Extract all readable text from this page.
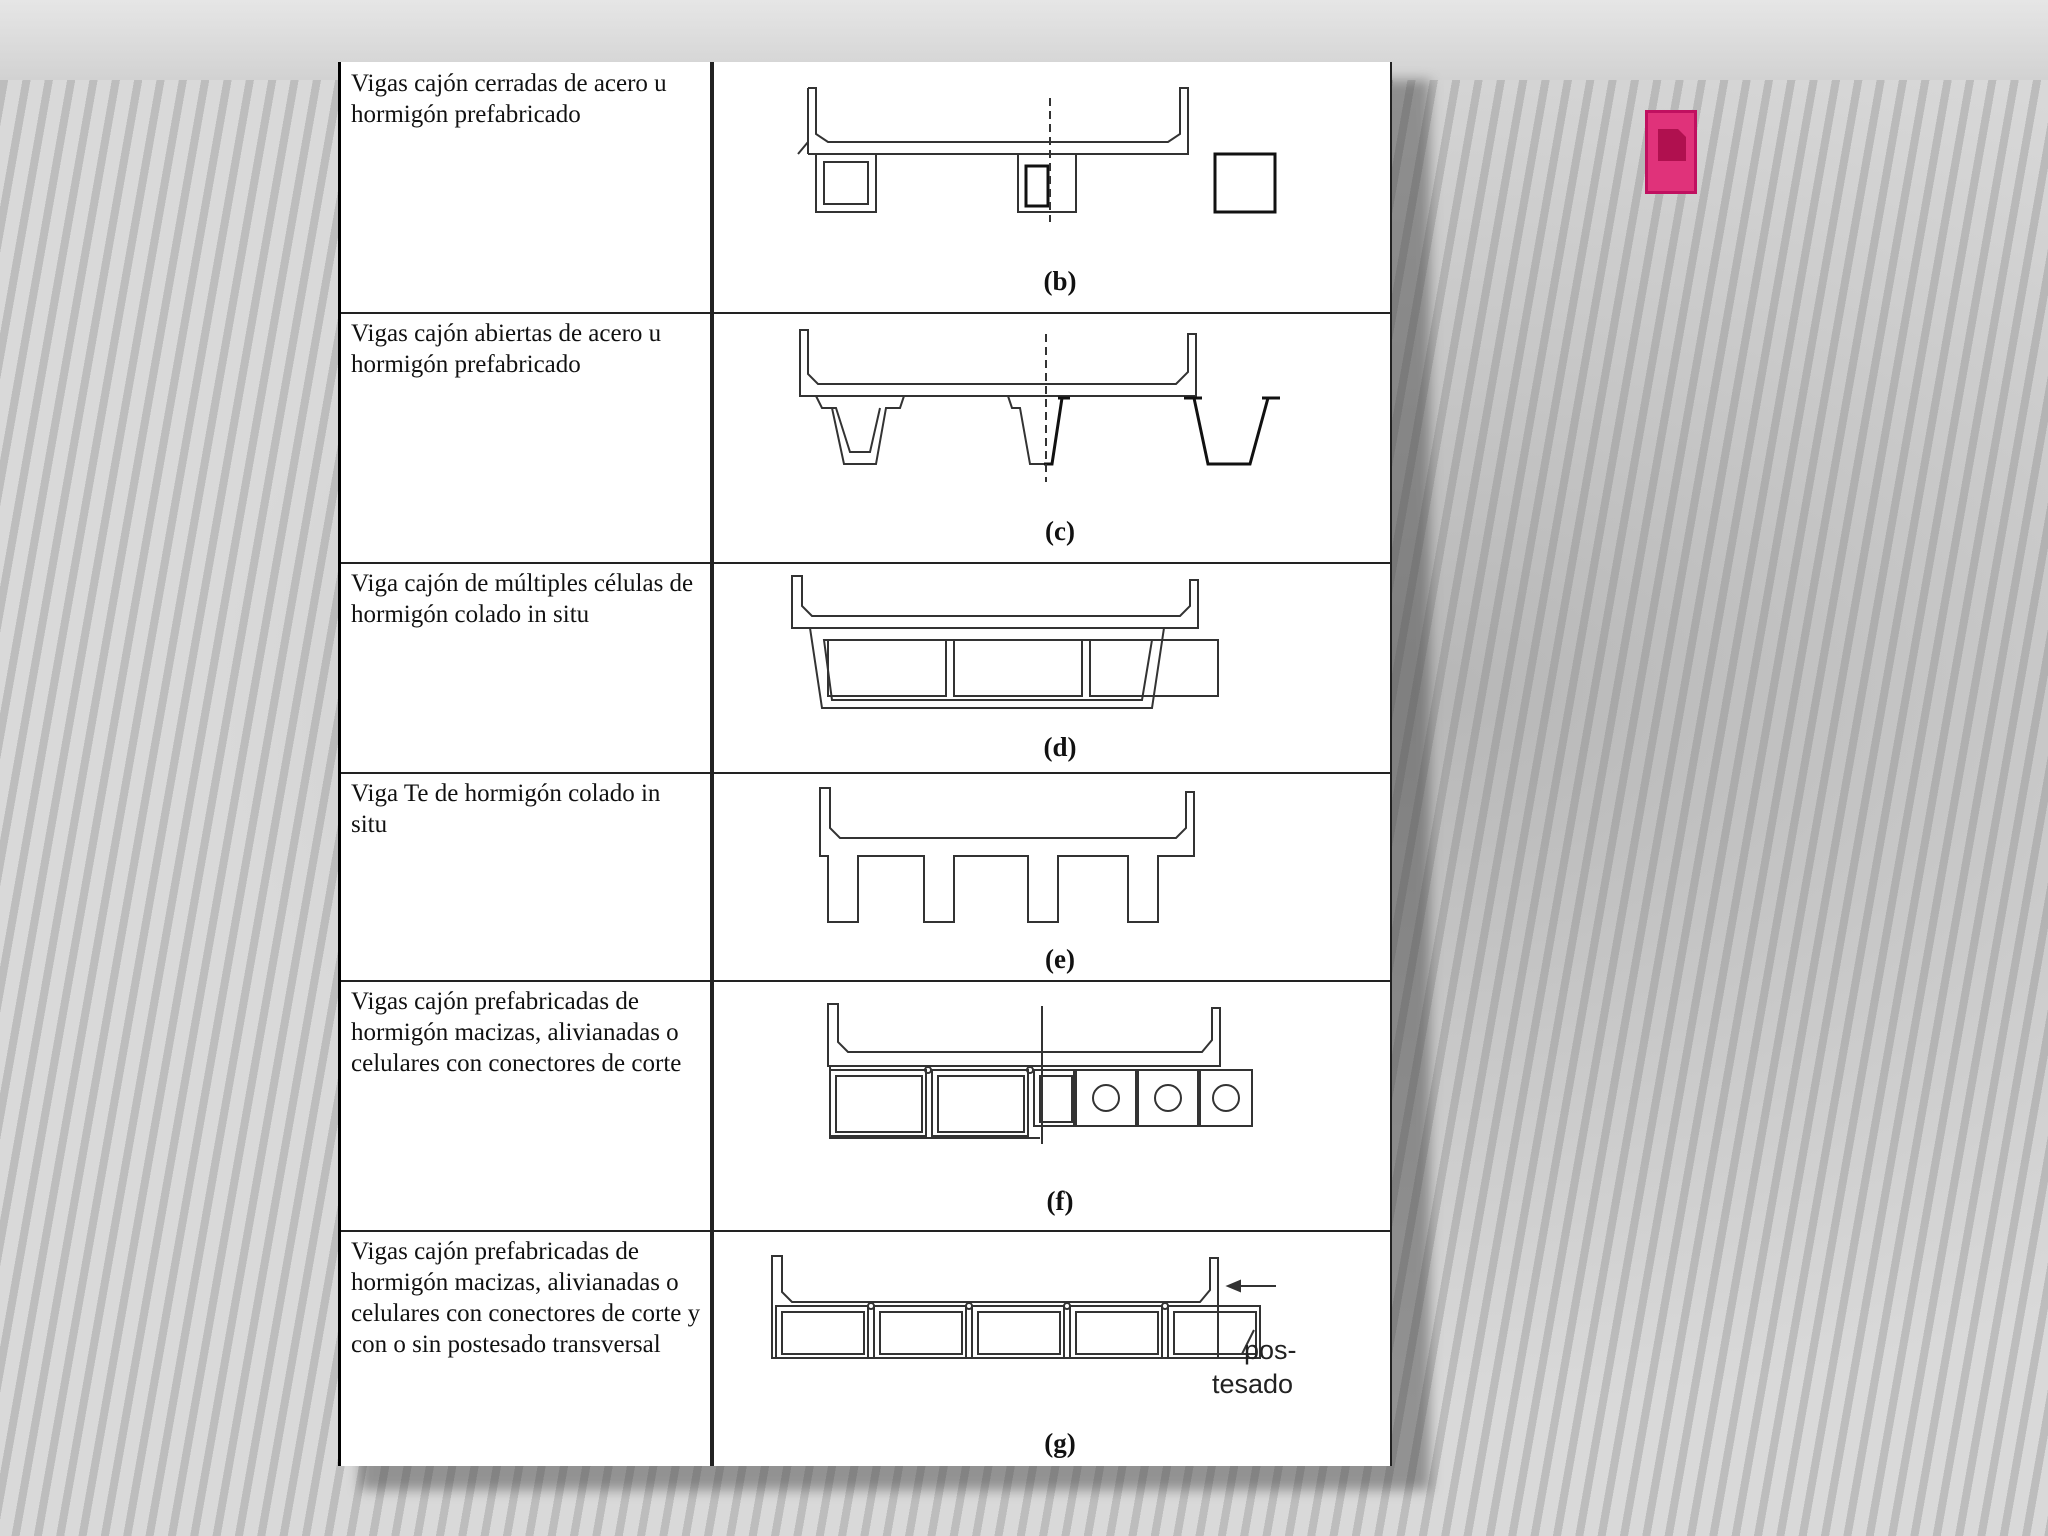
Vigas cajón cerradas de acero u hormigón prefabricado
(b)
Vigas cajón abiertas de acero u hormigón prefabricado
(c)
Viga cajón de múltiples células de hormigón colado in situ
(d)
Viga Te de hormigón colado in situ
(e)
Vigas cajón prefabricadas de hormigón macizas, alivianadas o celulares con conectores de corte
(f)
Vigas cajón prefabricadas de hormigón macizas, alivianadas o celulares con conectores de corte y con o sin postesado transversal	pos-
tesado
(g)
